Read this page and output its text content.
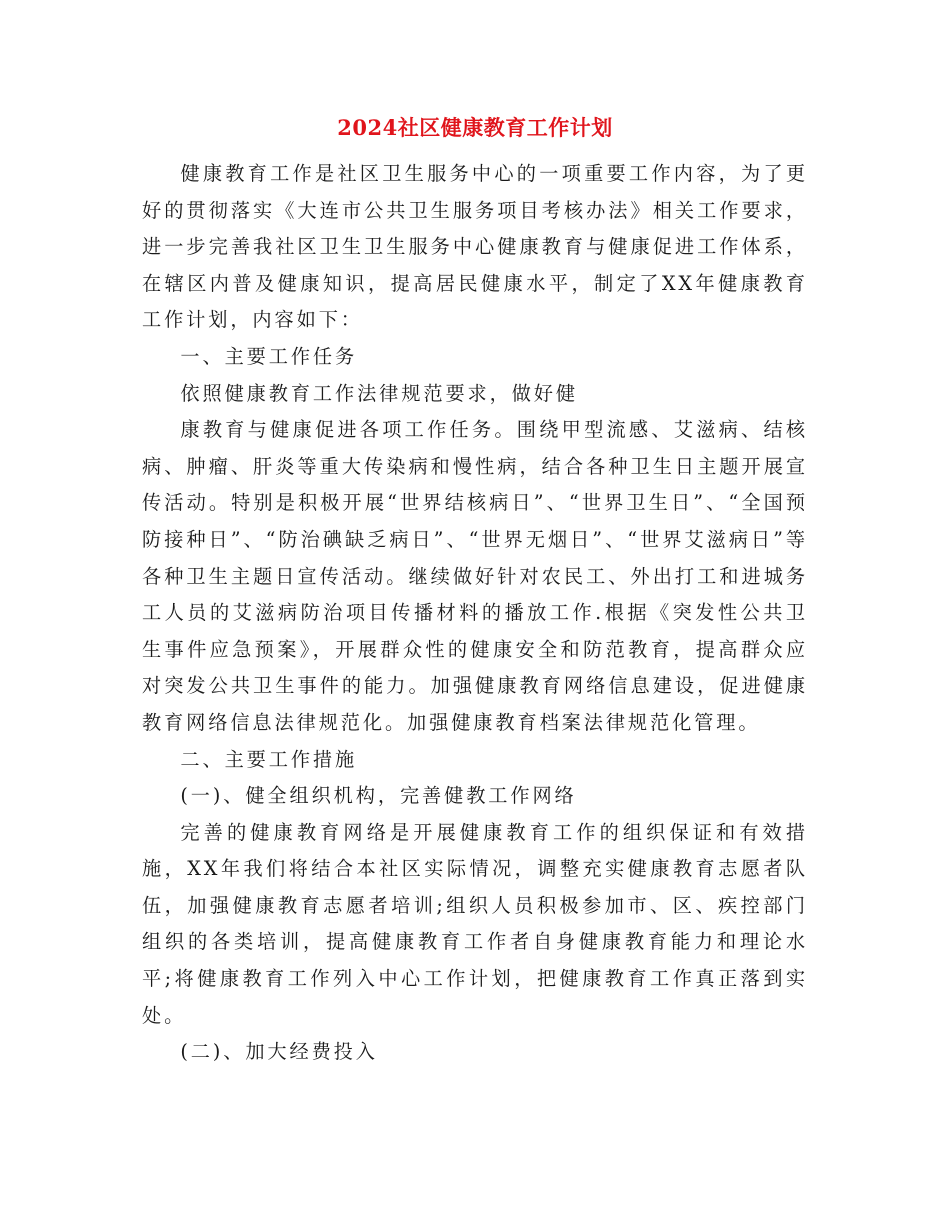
2024社区健康教育工作计划

健康教育工作是社区卫生服务中心的一项重要工作内容，为了更好的贯彻落实《大连市公共卫生服务项目考核办法》相关工作要求，进一步完善我社区卫生卫生服务中心健康教育与健康促进工作体系，在辖区内普及健康知识，提高居民健康水平，制定了XX年健康教育工作计划，内容如下：

一、主要工作任务

依照健康教育工作法律规范要求，做好健

康教育与健康促进各项工作任务。围绕甲型流感、艾滋病、结核病、肿瘤、肝炎等重大传染病和慢性病，结合各种卫生日主题开展宣传活动。特别是积极开展“世界结核病日”、“世界卫生日”、“全国预防接种日”、“防治碘缺乏病日”、“世界无烟日”、“世界艾滋病日”等各种卫生主题日宣传活动。继续做好针对农民工、外出打工和进城务工人员的艾滋病防治项目传播材料的播放工作.根据《突发性公共卫生事件应急预案》，开展群众性的健康安全和防范教育，提高群众应对突发公共卫生事件的能力。加强健康教育网络信息建设，促进健康教育网络信息法律规范化。加强健康教育档案法律规范化管理。

二、主要工作措施

(一)、健全组织机构，完善健教工作网络

完善的健康教育网络是开展健康教育工作的组织保证和有效措施，XX年我们将结合本社区实际情况，调整充实健康教育志愿者队伍，加强健康教育志愿者培训;组织人员积极参加市、区、疾控部门组织的各类培训，提高健康教育工作者自身健康教育能力和理论水平;将健康教育工作列入中心工作计划，把健康教育工作真正落到实处。

(二)、加大经费投入
